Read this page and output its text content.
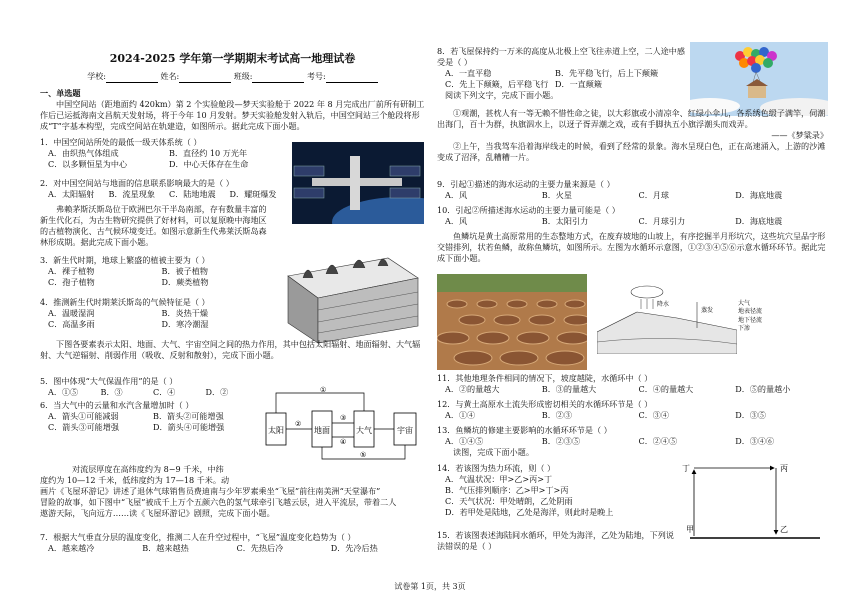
2024-2025 学年第一学期期末考试高一地理试卷
学校:	姓名:	班级:	考号:
一、单选题

中国空间站（距地面约 420km）第 2 个实验舱段—梦天实验舱于 2022 年 8 月完成出厂前所有研制工作后已运抵海南文昌航天发射场，将于今年 10 月发射。梦天实验舱发射入轨后，中国空间站三个舱段将形成“T”字基本构型，完成空间站在轨建造，如图所示。据此完成下面小题。

1．中国空间站所处的最低一级天体系统（ ）
A．由织热气体组成	B．直径约 10 万光年
C．以多颗恒星为中心	D．中心天体存在生命
2．对中国空间站与地面的信息联系影响最大的是（ ）
A．太阳辐射	B．流星现象	C．陆地地震	D．耀斑爆发

弗赖茅斯沃斯岛位于欧洲巴尔干半岛南部，存有数量丰富的新生代化石，为古生物研究提供了好材料，可以复原晚中海地区的古植物演化、古气候环境变迁。如图示意新生代弗莱沃斯岛森林形成期。据此完成下面小题。

3．新生代时期，地球上繁盛的植被主要为（ ）
A．裸子植物	B．被子植物
C．孢子植物	D．蕨类植物
4．推测新生代时期莱沃斯岛的气候特征是（ ）
A．温暖湿润	B．炎热干燥
C．高温多雨	D．寒冷潮湿

下图各要素表示太阳、地面、大气、宇宙空间之间的热力作用，其中包括太阳辐射、地面辐射、大气辐射、大气逆辐射、削弱作用（吸收、反射和散射），完成下面小题。

5．图中体现“大气保温作用”的是（ ）
A．①⑤	B．③	C．④	D．②
6．当大气中的云量和水汽含量增加时（ ）
A．箭头①可能减弱	B．箭头②可能增强
C．箭头③可能增强	D．箭头④可能增强	太阳	地面	大气	宇宙
①
②
③
④
⑤
对流层厚度在高纬度约为 8−9 千米，中纬
度约为 10—12 千米，低纬度约为 17—18 千米。动
画片《飞屋环游记》讲述了退休气球销售员费迪南与少年罗素乘坐“飞屋”前往南美洲“天堂瀑布”
冒险的故事，如下图中“飞屋”被成千上万个五颜六色的氢气球牵引飞越云层，进入平流层，带着二人
遨游天际，飞向远方……读《飞屋环游记》剧照，完成下面小题。
7．根据大气垂直分层的温度变化，推测二人在升空过程中，“飞屋”温度变化趋势为（ ）
A．越来越冷	B．越来越热	C．先热后冷	D．先冷后热
8．若飞屋保持约一万米的高度从北极上空飞往赤道上空，二人途中感受是（ ）
A．一直平稳	B．先平稳飞行，后上下颠簸
C．先上下颠簸，后平稳飞行 D．一直颠簸
阅读下列文字，完成下面小题。

①观潮，甚枕人有一等无赖不惜性命之徒，以大彩旗或小清凉伞、红绿小伞儿，各系绣色缎子满竿，伺潮出海门，百十为群，执旗泅水上，以迓子胥弄潮之戏，或有手脚执五小旗浮潮头而戏弄。

——《梦粱录》

②上午，当我驾车沿着海岸线走的时候，看到了经常的景象。海水呈现白色，正在高速涌入，上游的沙滩变成了沼泽，乱糟糟一片。

9．引起①描述的海水运动的主要力量来源是（ ）
A．风	B．火星	C．月球	D．海底地震
10．引起②所描述海水运动的主要力量可能是（ ）
A．风	B．太阳引力	C．月球引力	D．海底地震

鱼鳞坑是黄土高原常用的生态整地方式，在废弃坡地的山坡上，有序挖掘半月形坑穴，这些坑穴呈品字形交错排列，状若鱼鳞，故称鱼鳞坑，如图所示。左图为水循环示意图，①②③④⑤⑥示意水循环环节。据此完成下面小题。

蒸发
降水	大气
地表径流
地下径流
下渗
11．其他地理条件相同的情况下，坡度越陡，水循环中（ ）
A．②的量越大	B．③的量越大	C．④的量越大	D．⑤的量越小
12．与黄土高原水土流失形成密切相关的水循环环节是（ ）
A．①④	B．②③	C．③④	D．③⑤
13．鱼鳞坑的修建主要影响的水循环环节是（ ）
A．①④⑤	B．②③⑤	C．②④⑤	D．③④⑥
读图，完成下面小题。
14．若该图为热力环流，则（ ）
A．气温状况：甲>乙>丙>丁
B．气压排列顺序：乙>甲>丁>丙
C．天气状况：甲处晴朗，乙处阴雨
D．若甲处是陆地，乙处是海洋，则此时是晚上
15．若该图表述海陆间水循环，甲处为海洋，乙处为陆地，下列说法错误的是（ ）
甲	乙
丙
丁
试卷第 1页，共 3页
